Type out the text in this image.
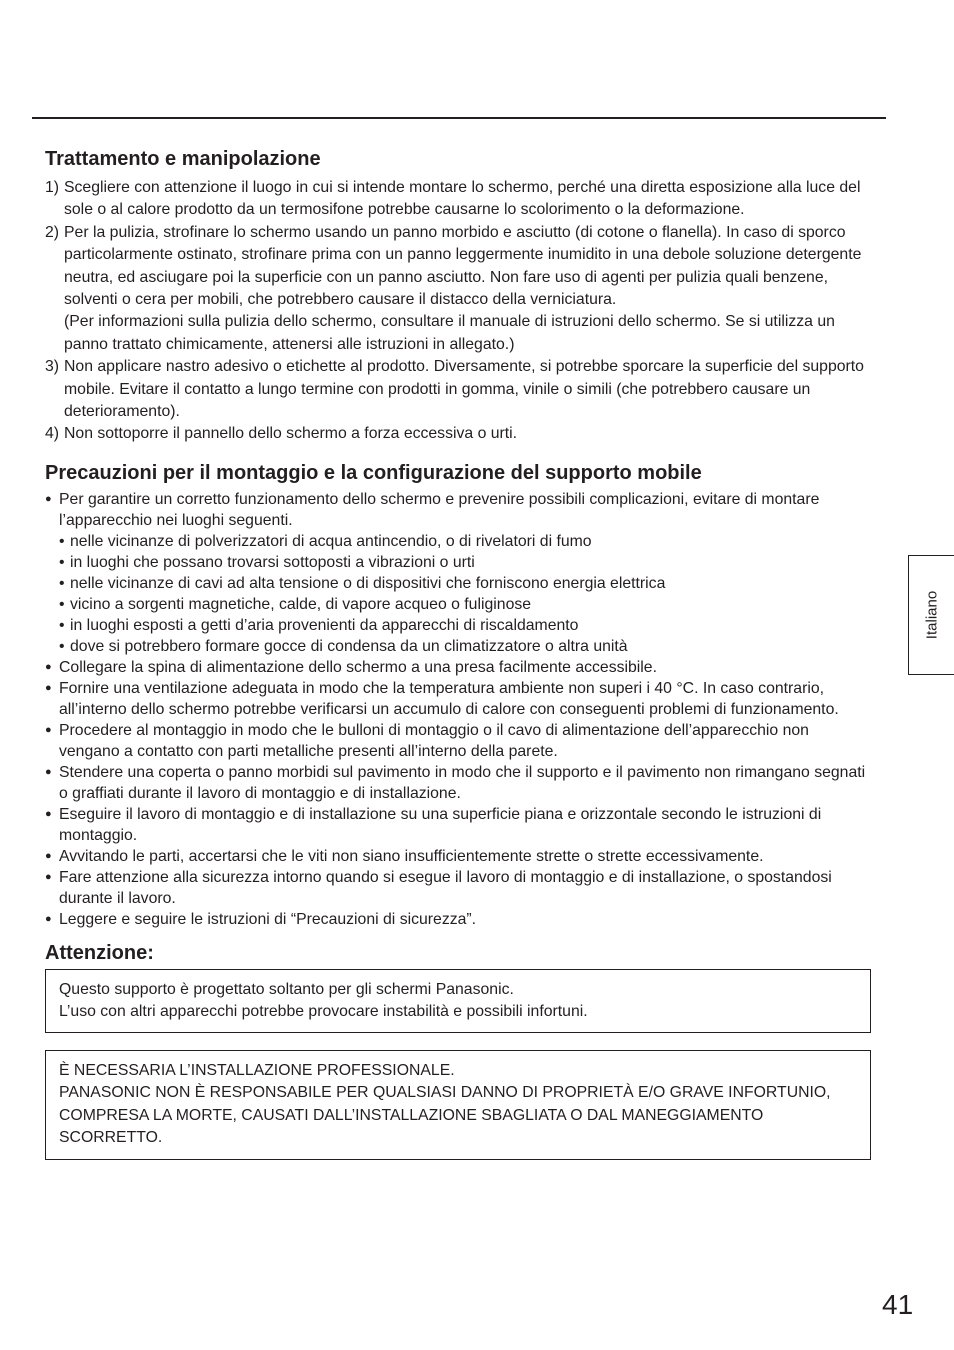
Trattamento e manipolazione
1) Scegliere con attenzione il luogo in cui si intende montare lo schermo, perché una diretta esposizione alla luce del sole o al calore prodotto da un termosifone potrebbe causarne lo scolorimento o la deformazione.

2) Per la pulizia, strofinare lo schermo usando un panno morbido e asciutto (di cotone o flanella). In caso di sporco particolarmente ostinato, strofinare prima con un panno leggermente inumidito in una debole soluzione detergente neutra, ed asciugare poi la superficie con un panno asciutto. Non fare uso di agenti per pulizia quali benzene, solventi o cera per mobili, che potrebbero causare il distacco della verniciatura.

(Per informazioni sulla pulizia dello schermo, consultare il manuale di istruzioni dello schermo. Se si utilizza un panno trattato chimicamente, attenersi alle istruzioni in allegato.)

3) Non applicare nastro adesivo o etichette al prodotto. Diversamente, si potrebbe sporcare la superficie del supporto mobile. Evitare il contatto a lungo termine con prodotti in gomma, vinile o simili (che potrebbero causare un deterioramento).

4) Non sottoporre il pannello dello schermo a forza eccessiva o urti.

Precauzioni per il montaggio e la configurazione del supporto mobile
● Per garantire un corretto funzionamento dello schermo e prevenire possibili complicazioni, evitare di montare l’apparecchio nei luoghi seguenti.
• nelle vicinanze di polverizzatori di acqua antincendio, o di rivelatori di fumo
• in luoghi che possano trovarsi sottoposti a vibrazioni o urti
• nelle vicinanze di cavi ad alta tensione o di dispositivi che forniscono energia elettrica
• vicino a sorgenti magnetiche, calde, di vapore acqueo o fuliginose
• in luoghi esposti a getti d’aria provenienti da apparecchi di riscaldamento
• dove si potrebbero formare gocce di condensa da un climatizzatore o altra unità
● Collegare la spina di alimentazione dello schermo a una presa facilmente accessibile.
● Fornire una ventilazione adeguata in modo che la temperatura ambiente non superi i 40 °C. In caso contrario, all’interno dello schermo potrebbe verificarsi un accumulo di calore con conseguenti problemi di funzionamento.
● Procedere al montaggio in modo che le bulloni di montaggio o il cavo di alimentazione dell’apparecchio non vengano a contatto con parti metalliche presenti all’interno della parete.
● Stendere una coperta o panno morbidi sul pavimento in modo che il supporto e il pavimento non rimangano segnati o graffiati durante il lavoro di montaggio e di installazione.
● Eseguire il lavoro di montaggio e di installazione su una superficie piana e orizzontale secondo le istruzioni di montaggio.
● Avvitando le parti, accertarsi che le viti non siano insufficientemente strette o strette eccessivamente.
● Fare attenzione alla sicurezza intorno quando si esegue il lavoro di montaggio e di installazione, o spostandosi durante il lavoro.
● Leggere e seguire le istruzioni di “Precauzioni di sicurezza”.
Attenzione:

Questo supporto è progettato soltanto per gli schermi Panasonic.

L’uso con altri apparecchi potrebbe provocare instabilità e possibili infortuni.

È NECESSARIA L’INSTALLAZIONE PROFESSIONALE.

PANASONIC NON È RESPONSABILE PER QUALSIASI DANNO DI PROPRIETÀ E/O GRAVE INFORTUNIO,

COMPRESA LA MORTE, CAUSATI DALL’INSTALLAZIONE SBAGLIATA O DAL MANEGGIAMENTO SCORRETTO.

Italiano
41
